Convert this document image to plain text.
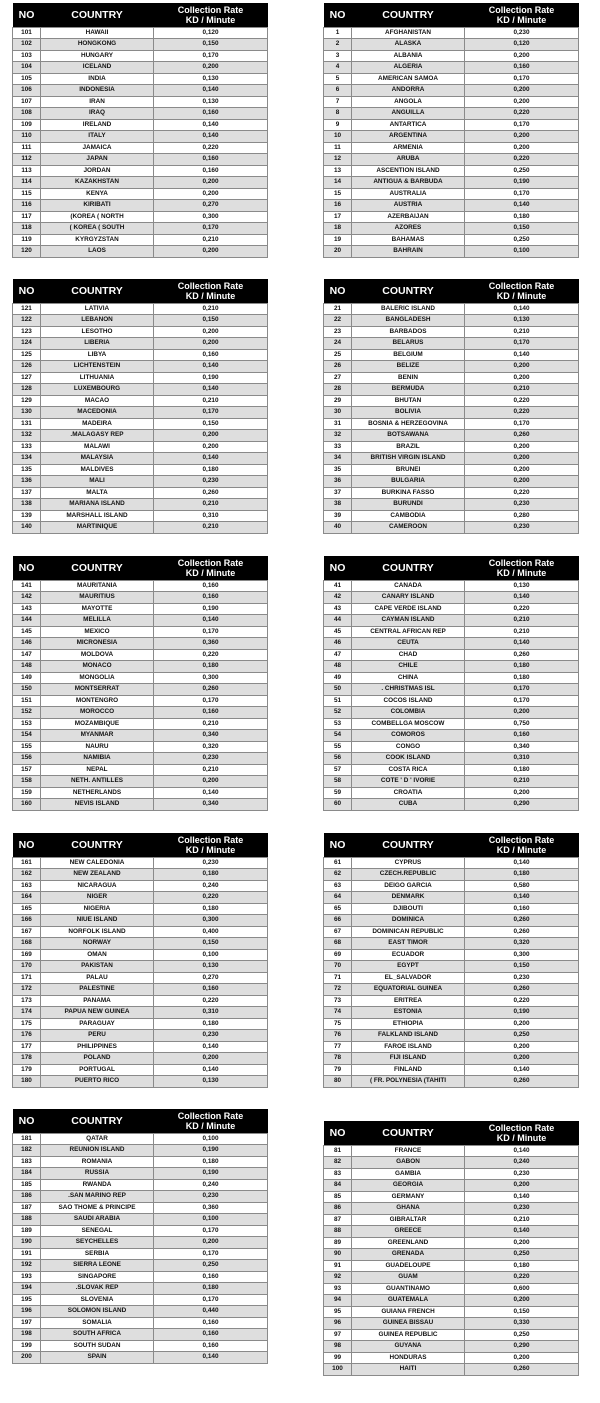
NO	COUNTRY	Collection Rate
KD / Minute

101	HAWAII	0,120
102	HONGKONG	0,150
103	HUNGARY	0,170
104	ICELAND	0,200
105	INDIA	0,130
106	INDONESIA	0,140
107	IRAN	0,130
108	IRAQ	0,160
109	IRELAND	0,140
110	ITALY	0,140
111	JAMAICA	0,220
112	JAPAN	0,160
113	JORDAN	0,160
114	KAZAKHSTAN	0,200
115	KENYA	0,200
116	KIRIBATI	0,270
117	(KOREA ( NORTH	0,300
118	( KOREA ( SOUTH	0,170
119	KYRGYZSTAN	0,210
120	LAOS	0,200
NO	COUNTRY	Collection Rate
KD / Minute

1	AFGHANISTAN	0,230
2	ALASKA	0,120
3	ALBANIA	0,200
4	ALGERIA	0,160
5	AMERICAN SAMOA	0,170
6	ANDORRA	0,200
7	ANGOLA	0,200
8	ANGUILLA	0,220
9	ANTARTICA	0,170
10	ARGENTINA	0,200
11	ARMENIA	0,200
12	ARUBA	0,220
13	ASCENTION ISLAND	0,250
14	ANTIGUA & BARBUDA	0,190
15	AUSTRALIA	0,170
16	AUSTRIA	0,140
17	AZERBAIJAN	0,180
18	AZORES	0,150
19	BAHAMAS	0,250
20	BAHRAIN	0,100
NO	COUNTRY	Collection Rate
KD / Minute

121	LATIVIA	0,210
122	LEBANON	0,150
123	LESOTHO	0,200
124	LIBERIA	0,200
125	LIBYA	0,160
126	LICHTENSTEIN	0,140
127	LITHUANIA	0,190
128	LUXEMBOURG	0,140
129	MACAO	0,210
130	MACEDONIA	0,170
131	MADEIRA	0,150
132	.MALAGASY REP	0,200
133	MALAWI	0,200
134	MALAYSIA	0,140
135	MALDIVES	0,180
136	MALI	0,230
137	MALTA	0,260
138	MARIANA ISLAND	0,210
139	MARSHALL ISLAND	0,310
140	MARTINIQUE	0,210
NO	COUNTRY	Collection Rate
KD / Minute

21	BALERIC ISLAND	0,140
22	BANGLADESH	0,130
23	BARBADOS	0,210
24	BELARUS	0,170
25	BELGIUM	0,140
26	BELIZE	0,200
27	BENIN	0,200
28	BERMUDA	0,210
29	BHUTAN	0,220
30	BOLIVIA	0,220
31	BOSNIA & HERZEGOVINA	0,170
32	BOTSAWANA	0,260
33	BRAZIL	0,200
34	BRITISH VIRGIN ISLAND	0,200
35	BRUNEI	0,200
36	BULGARIA	0,200
37	BURKINA FASSO	0,220
38	BURUNDI	0,230
39	CAMBODIA	0,280
40	CAMEROON	0,230
NO	COUNTRY	Collection Rate
KD / Minute

141	MAURITANIA	0,160
142	MAURITIUS	0,160
143	MAYOTTE	0,190
144	MELILLA	0,140
145	MEXICO	0,170
146	MICRONESIA	0,360
147	MOLDOVA	0,220
148	MONACO	0,180
149	MONGOLIA	0,300
150	MONTSERRAT	0,260
151	MONTENGRO	0,170
152	MOROCCO	0,160
153	MOZAMBIQUE	0,210
154	MYANMAR	0,340
155	NAURU	0,320
156	NAMIBIA	0,230
157	NEPAL	0,210
158	NETH. ANTILLES	0,200
159	NETHERLANDS	0,140
160	NEVIS ISLAND	0,340
NO	COUNTRY	Collection Rate
KD / Minute

41	CANADA	0,130
42	CANARY ISLAND	0,140
43	CAPE VERDE ISLAND	0,220
44	CAYMAN ISLAND	0,210
45	CENTRAL AFRICAN REP	0,210
46	CEUTA	0,140
47	CHAD	0,260
48	CHILE	0,180
49	CHINA	0,180
50	. CHRISTMAS ISL	0,170
51	COCOS ISLAND	0,170
52	COLOMBIA	0,200
53	COMBELLGA MOSCOW	0,750
54	COMOROS	0,160
55	CONGO	0,340
56	COOK ISLAND	0,310
57	COSTA RICA	0,180
58	COTE ' D ' IVORIE	0,210
59	CROATIA	0,200
60	CUBA	0,290
NO	COUNTRY	Collection Rate
KD / Minute

161	NEW CALEDONIA	0,230
162	NEW ZEALAND	0,180
163	NICARAGUA	0,240
164	NIGER	0,220
165	NIGERIA	0,180
166	NIUE ISLAND	0,300
167	NORFOLK ISLAND	0,400
168	NORWAY	0,150
169	OMAN	0,100
170	PAKISTAN	0,130
171	PALAU	0,270
172	PALESTINE	0,160
173	PANAMA	0,220
174	PAPUA NEW GUINEA	0,310
175	PARAGUAY	0,180
176	PERU	0,230
177	PHILIPPINES	0,140
178	POLAND	0,200
179	PORTUGAL	0,140
180	PUERTO RICO	0,130
NO	COUNTRY	Collection Rate
KD / Minute

61	CYPRUS	0,140
62	CZECH.REPUBLIC	0,180
63	DEIGO GARCIA	0,580
64	DENMARK	0,140
65	DJIBOUTI	0,160
66	DOMINICA	0,260
67	DOMINICAN REPUBLIC	0,260
68	EAST TIMOR	0,320
69	ECUADOR	0,300
70	EGYPT	0,150
71	EL_SALVADOR	0,230
72	EQUATORIAL GUINEA	0,260
73	ERITREA	0,220
74	ESTONIA	0,190
75	ETHIOPIA	0,200
76	FALKLAND ISLAND	0,250
77	FAROE ISLAND	0,200
78	FIJI ISLAND	0,200
79	FINLAND	0,140
80	( FR. POLYNESIA (TAHITI	0,260
NO	COUNTRY	Collection Rate
KD / Minute

181	QATAR	0,100
182	REUNION ISLAND	0,190
183	ROMANIA	0,180
184	RUSSIA	0,190
185	RWANDA	0,240
186	.SAN MARINO REP	0,230
187	SAO THOME & PRINCIPE	0,360
188	SAUDI ARABIA	0,100
189	SENEGAL	0,170
190	SEYCHELLES	0,200
191	SERBIA	0,170
192	SIERRA LEONE	0,250
193	SINGAPORE	0,160
194	.SLOVAK REP	0,180
195	SLOVENIA	0,170
196	SOLOMON ISLAND	0,440
197	SOMALIA	0,160
198	SOUTH AFRICA	0,160
199	SOUTH SUDAN	0,160
200	SPAIN	0,140
NO	COUNTRY	Collection Rate
KD / Minute

81	FRANCE	0,140
82	GABON	0,240
83	GAMBIA	0,230
84	GEORGIA	0,200
85	GERMANY	0,140
86	GHANA	0,230
87	GIBRALTAR	0,210
88	GREECE	0,140
89	GREENLAND	0,200
90	GRENADA	0,250
91	GUADELOUPE	0,180
92	GUAM	0,220
93	GUANTINAMO	0,600
94	GUATEMALA	0,200
95	GUIANA FRENCH	0,150
96	GUINEA BISSAU	0,330
97	GUINEA REPUBLIC	0,250
98	GUYANA	0,290
99	HONDURAS	0,200
100	HAITI	0,260
